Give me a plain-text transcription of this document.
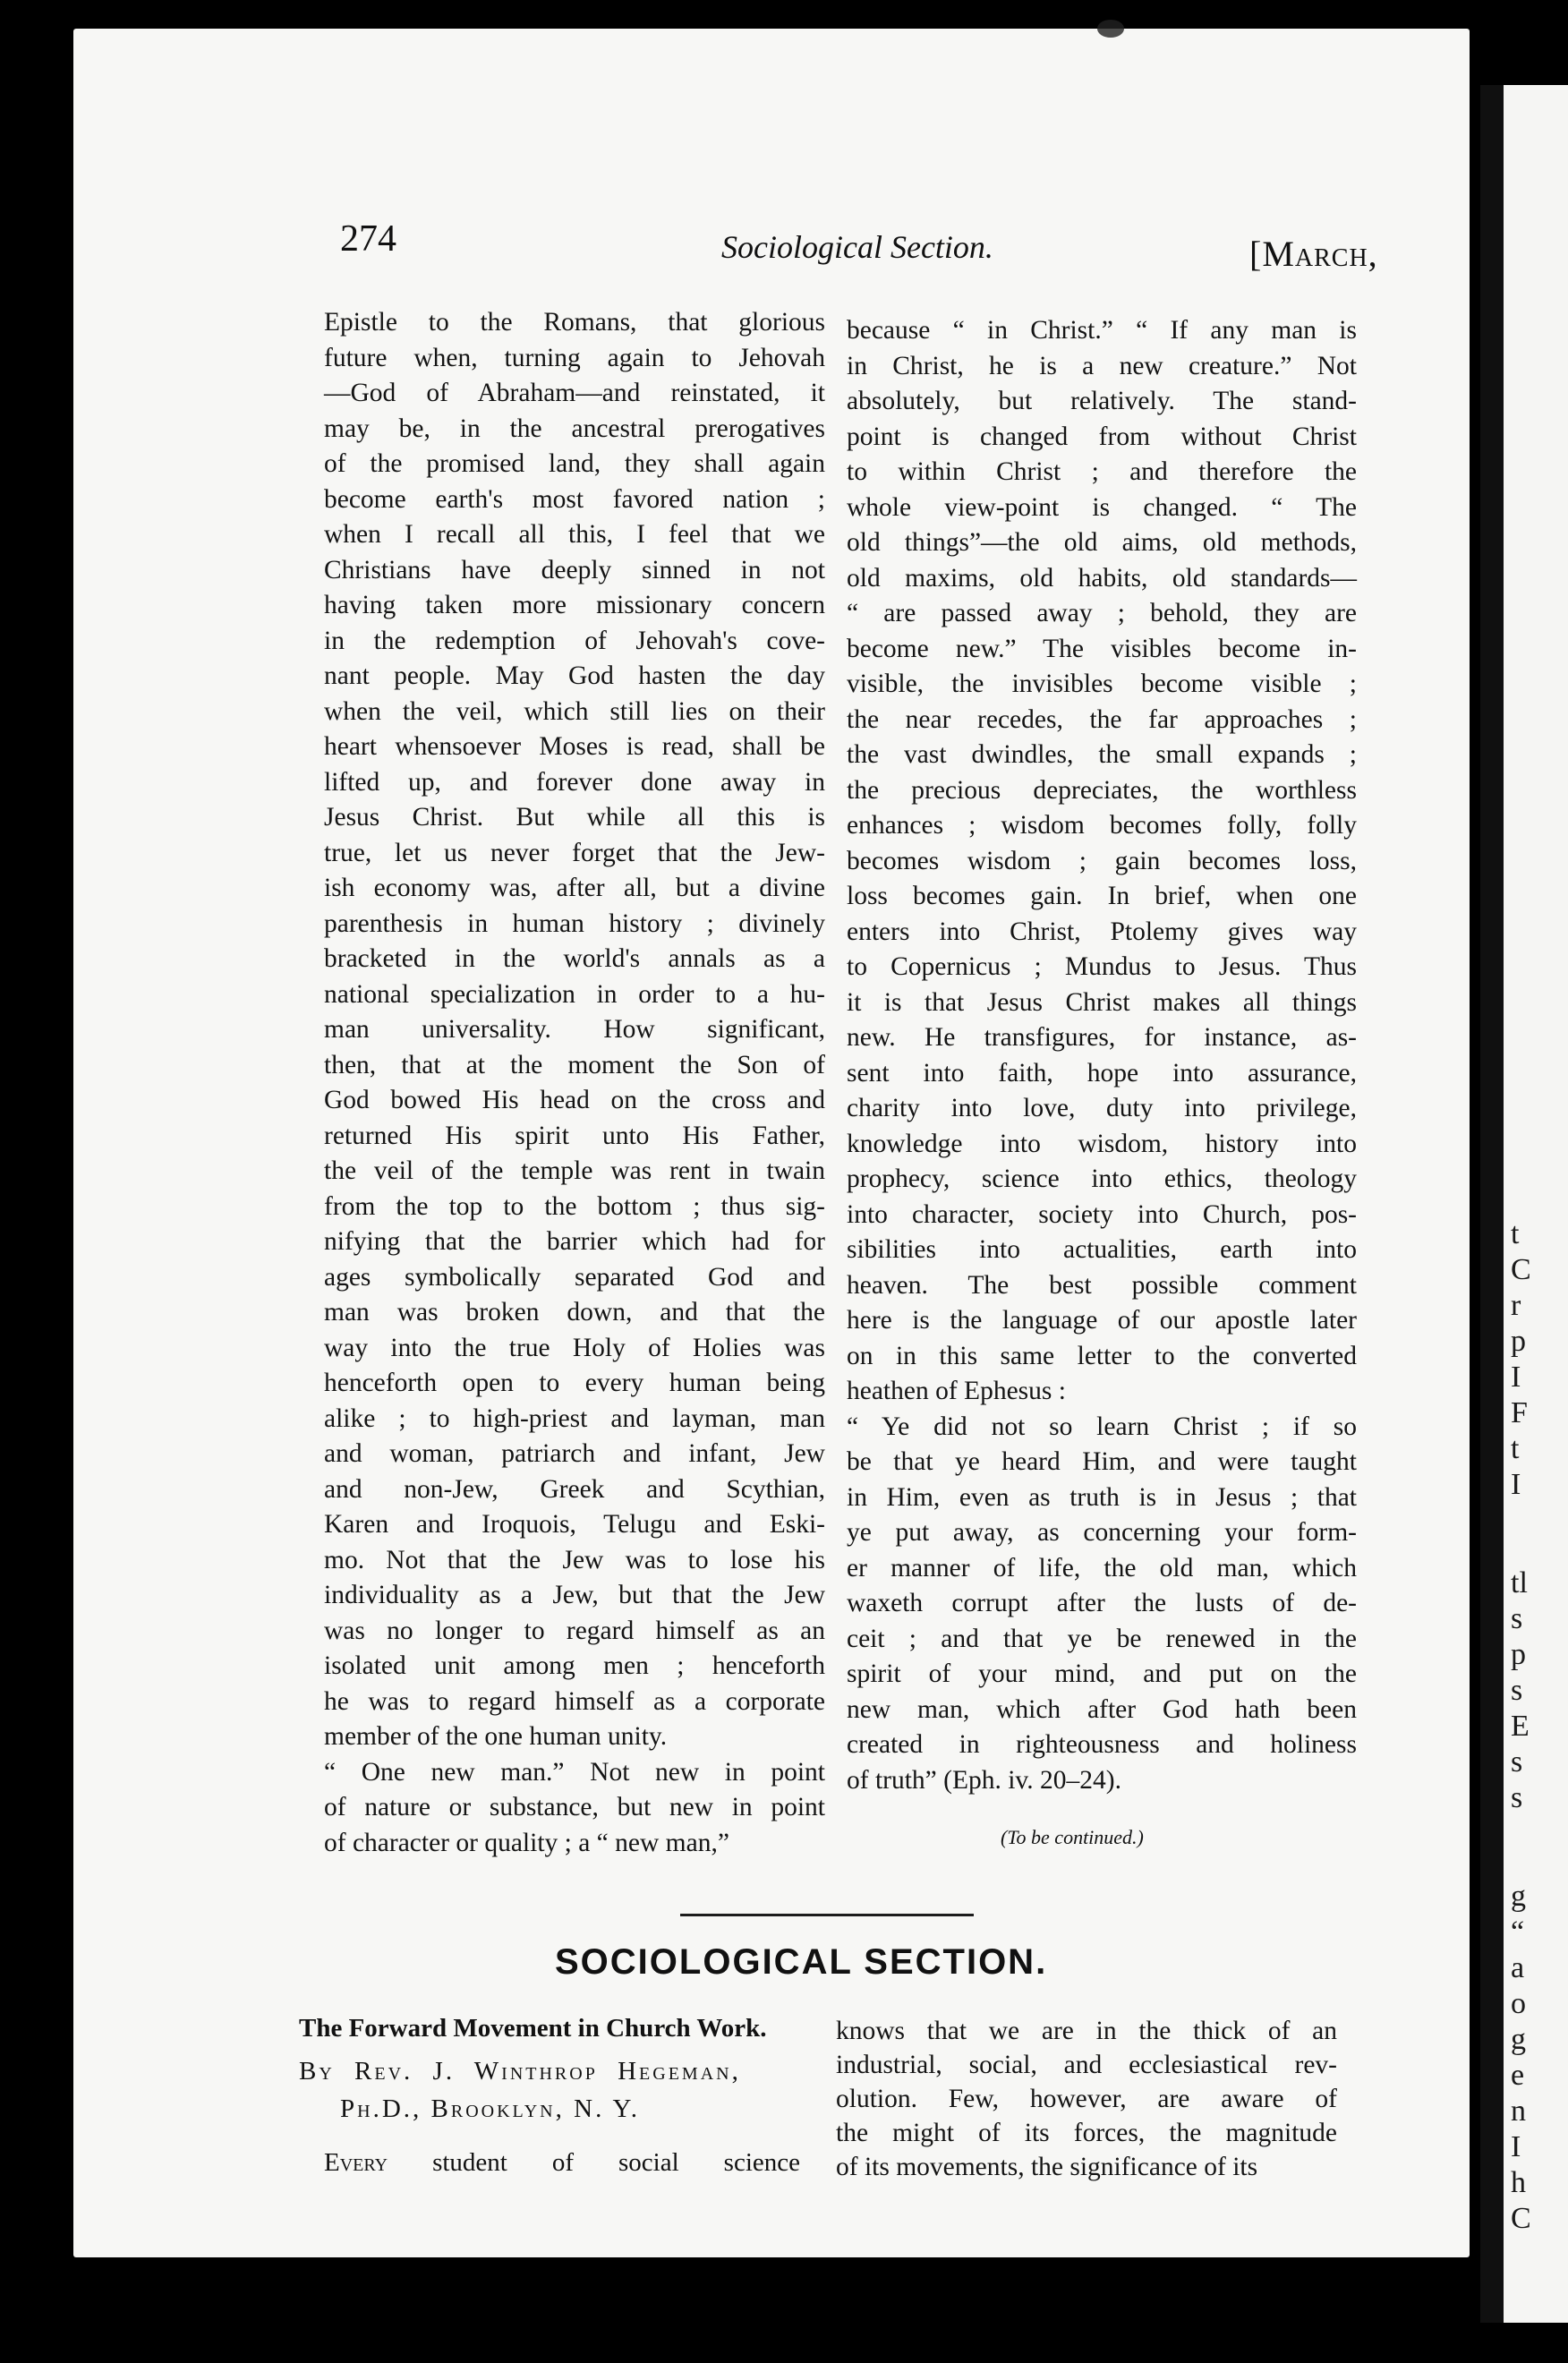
t
C
r
p
I
F
t
I
tl
s
p
s
E
s
s
g
“
a
o
g
e
n
I
h
C
274	Sociological Section.	[March,
Epistle to the Romans, that glorious
future when, turning again to Jehovah
—God of Abraham—and reinstated, it
may be, in the ancestral prerogatives
of the promised land, they shall again
become earth's most favored nation ;
when I recall all this, I feel that we
Christians have deeply sinned in not
having taken more missionary concern
in the redemption of Jehovah's cove-
nant people. May God hasten the day
when the veil, which still lies on their
heart whensoever Moses is read, shall be
lifted up, and forever done away in
Jesus Christ. But while all this is
true, let us never forget that the Jew-
ish economy was, after all, but a divine
parenthesis in human history ; divinely
bracketed in the world's annals as a
national specialization in order to a hu-
man universality. How significant,
then, that at the moment the Son of
God bowed His head on the cross and
returned His spirit unto His Father,
the veil of the temple was rent in twain
from the top to the bottom ; thus sig-
nifying that the barrier which had for
ages symbolically separated God and
man was broken down, and that the
way into the true Holy of Holies was
henceforth open to every human being
alike ; to high-priest and layman, man
and woman, patriarch and infant, Jew
and non-Jew, Greek and Scythian,
Karen and Iroquois, Telugu and Eski-
mo. Not that the Jew was to lose his
individuality as a Jew, but that the Jew
was no longer to regard himself as an
isolated unit among men ; henceforth
he was to regard himself as a corporate
member of the one human unity.
“ One new man.” Not new in point
of nature or substance, but new in point
of character or quality ; a “ new man,”
because “ in Christ.” “ If any man is
in Christ, he is a new creature.” Not
absolutely, but relatively. The stand-
point is changed from without Christ
to within Christ ; and therefore the
whole view-point is changed. “ The
old things”—the old aims, old methods,
old maxims, old habits, old standards—
“ are passed away ; behold, they are
become new.” The visibles become in-
visible, the invisibles become visible ;
the near recedes, the far approaches ;
the vast dwindles, the small expands ;
the precious depreciates, the worthless
enhances ; wisdom becomes folly, folly
becomes wisdom ; gain becomes loss,
loss becomes gain. In brief, when one
enters into Christ, Ptolemy gives way
to Copernicus ; Mundus to Jesus. Thus
it is that Jesus Christ makes all things
new. He transfigures, for instance, as-
sent into faith, hope into assurance,
charity into love, duty into privilege,
knowledge into wisdom, history into
prophecy, science into ethics, theology
into character, society into Church, pos-
sibilities into actualities, earth into
heaven. The best possible comment
here is the language of our apostle later
on in this same letter to the converted
heathen of Ephesus :
“ Ye did not so learn Christ ; if so
be that ye heard Him, and were taught
in Him, even as truth is in Jesus ; that
ye put away, as concerning your form-
er manner of life, the old man, which
waxeth corrupt after the lusts of de-
ceit ; and that ye be renewed in the
spirit of your mind, and put on the
new man, which after God hath been
created in righteousness and holiness
of truth” (Eph. iv. 20–24).
(To be continued.)
SOCIOLOGICAL SECTION.
The Forward Movement in Church Work.
By Rev. J. Winthrop Hegeman,
Ph.D., Brooklyn, N. Y.
Every student of social science
knows that we are in the thick of an
industrial, social, and ecclesiastical rev-
olution. Few, however, are aware of
the might of its forces, the magnitude
of its movements, the significance of its
